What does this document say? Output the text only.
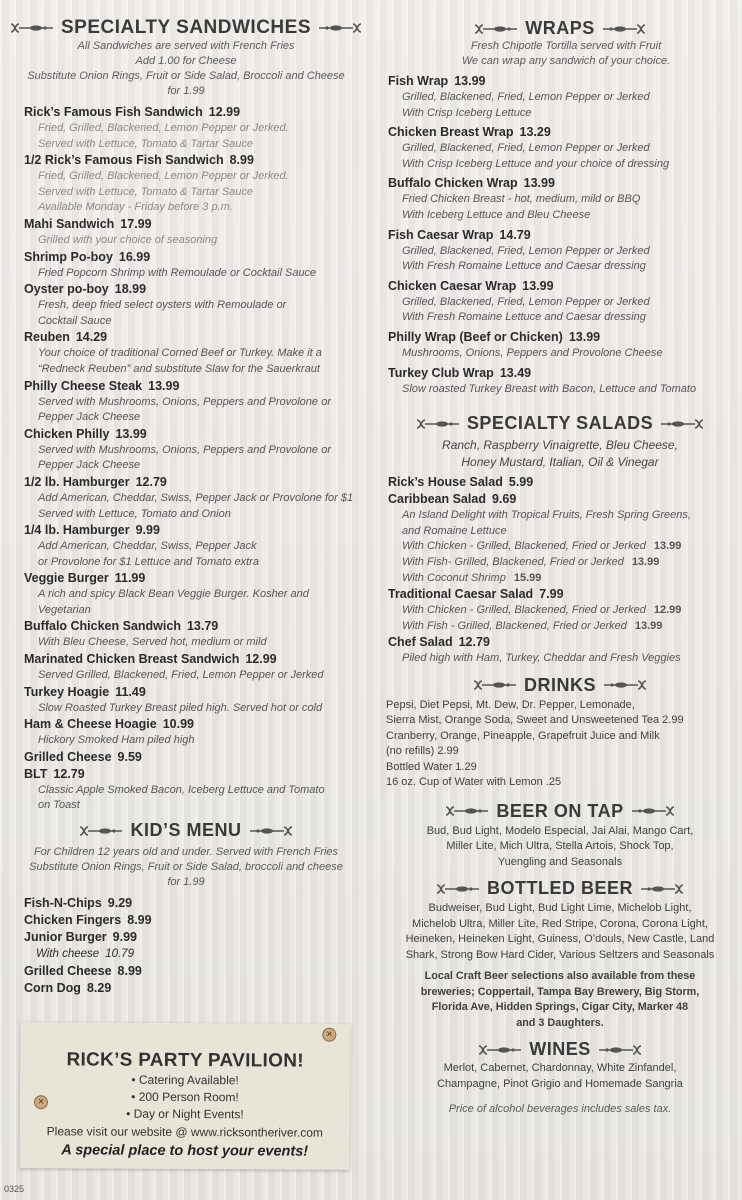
SPECIALTY SANDWICHES
All Sandwiches are served with French Fries
Add 1.00 for Cheese
Substitute Onion Rings, Fruit or Side Salad, Broccoli and Cheese
for 1.99
Rick’s Famous Fish Sandwich 12.99
Fried, Grilled, Blackened, Lemon Pepper or Jerked.
Served with Lettuce, Tomato & Tartar Sauce
1/2 Rick’s Famous Fish Sandwich 8.99
Fried, Grilled, Blackened, Lemon Pepper or Jerked.
Served with Lettuce, Tomato & Tartar Sauce
Available Monday - Friday before 3 p.m.
Mahi Sandwich 17.99
Grilled with your choice of seasoning
Shrimp Po-boy 16.99
Fried Popcorn Shrimp with Remoulade or Cocktail Sauce
Oyster po-boy 18.99
Fresh, deep fried select oysters with Remoulade or
Cocktail Sauce
Reuben 14.29
Your choice of traditional Corned Beef or Turkey. Make it a
“Redneck Reuben” and substitute Slaw for the Sauerkraut
Philly Cheese Steak 13.99
Served with Mushrooms, Onions, Peppers and Provolone or
Pepper Jack Cheese
Chicken Philly 13.99
Served with Mushrooms, Onions, Peppers and Provolone or
Pepper Jack Cheese
1/2 lb. Hamburger 12.79
Add American, Cheddar, Swiss, Pepper Jack or Provolone for $1
Served with Lettuce, Tomato and Onion
1/4 lb. Hamburger 9.99
Add American, Cheddar, Swiss, Pepper Jack
or Provolone for $1 Lettuce and Tomato extra
Veggie Burger 11.99
A rich and spicy Black Bean Veggie Burger. Kosher and
Vegetarian
Buffalo Chicken Sandwich 13.79
With Bleu Cheese, Served hot, medium or mild
Marinated Chicken Breast Sandwich 12.99
Served Grilled, Blackened, Fried, Lemon Pepper or Jerked
Turkey Hoagie 11.49
Slow Roasted Turkey Breast piled high. Served hot or cold
Ham & Cheese Hoagie 10.99
Hickory Smoked Ham piled high
Grilled Cheese 9.59
BLT 12.79
Classic Apple Smoked Bacon, Iceberg Lettuce and Tomato
on Toast
KID’S MENU
For Children 12 years old and under. Served with French Fries
Substitute Onion Rings, Fruit or Side Salad, broccoli and cheese
for 1.99
Fish-N-Chips 9.29
Chicken Fingers 8.99
Junior Burger 9.99
With cheese 10.79
Grilled Cheese 8.99
Corn Dog 8.29
WRAPS
Fresh Chipotle Tortilla served with Fruit
We can wrap any sandwich of your choice.
Fish Wrap 13.99
Grilled, Blackened, Fried, Lemon Pepper or Jerked
With Crisp Iceberg Lettuce
Chicken Breast Wrap 13.29
Grilled, Blackened, Fried, Lemon Pepper or Jerked
With Crisp Iceberg Lettuce and your choice of dressing
Buffalo Chicken Wrap 13.99
Fried Chicken Breast - hot, medium, mild or BBQ
With Iceberg Lettuce and Bleu Cheese
Fish Caesar Wrap 14.79
Grilled, Blackened, Fried, Lemon Pepper or Jerked
With Fresh Romaine Lettuce and Caesar dressing
Chicken Caesar Wrap 13.99
Grilled, Blackened, Fried, Lemon Pepper or Jerked
With Fresh Romaine Lettuce and Caesar dressing
Philly Wrap (Beef or Chicken) 13.99
Mushrooms, Onions, Peppers and Provolone Cheese
Turkey Club Wrap 13.49
Slow roasted Turkey Breast with Bacon, Lettuce and Tomato
SPECIALTY SALADS
Ranch, Raspberry Vinaigrette, Bleu Cheese,
Honey Mustard, Italian, Oil & Vinegar
Rick’s House Salad 5.99
Caribbean Salad 9.69
An Island Delight with Tropical Fruits, Fresh Spring Greens,
and Romaine Lettuce
With Chicken - Grilled, Blackened, Fried or Jerked 13.99
With Fish- Grilled, Blackened, Fried or Jerked 13.99
With Coconut Shrimp 15.99
Traditional Caesar Salad 7.99
With Chicken - Grilled, Blackened, Fried or Jerked 12.99
With Fish - Grilled, Blackened, Fried or Jerked 13.99
Chef Salad 12.79
Piled high with Ham, Turkey, Cheddar and Fresh Veggies
DRINKS
Pepsi, Diet Pepsi, Mt. Dew, Dr. Pepper, Lemonade,
Sierra Mist, Orange Soda, Sweet and Unsweetened Tea 2.99
Cranberry, Orange, Pineapple, Grapefruit Juice and Milk
(no refills) 2.99
Bottled Water 1.29
16 oz. Cup of Water with Lemon .25
BEER ON TAP
Bud, Bud Light, Modelo Especial, Jai Alai, Mango Cart,
Miller Lite, Mich Ultra, Stella Artois, Shock Top,
Yuengling and Seasonals
BOTTLED BEER
Budweiser, Bud Light, Bud Light Lime, Michelob Light,
Michelob Ultra, Miller Lite, Red Stripe, Corona, Corona Light,
Heineken, Heineken Light, Guiness, O’douls, New Castle, Land
Shark, Strong Bow Hard Cider, Various Seltzers and Seasonals
Local Craft Beer selections also available from these
breweries; Coppertail, Tampa Bay Brewery, Big Storm,
Florida Ave, Hidden Springs, Cigar City, Marker 48
and 3 Daughters.
WINES
Merlot, Cabernet, Chardonnay, White Zinfandel,
Champagne, Pinot Grigio and Homemade Sangria
Price of alcohol beverages includes sales tax.
✕
✕
RICK’S PARTY PAVILION!
• Catering Available!
• 200 Person Room!
• Day or Night Events!
Please visit our website @ www.ricksontheriver.com
A special place to host your events!
0325
